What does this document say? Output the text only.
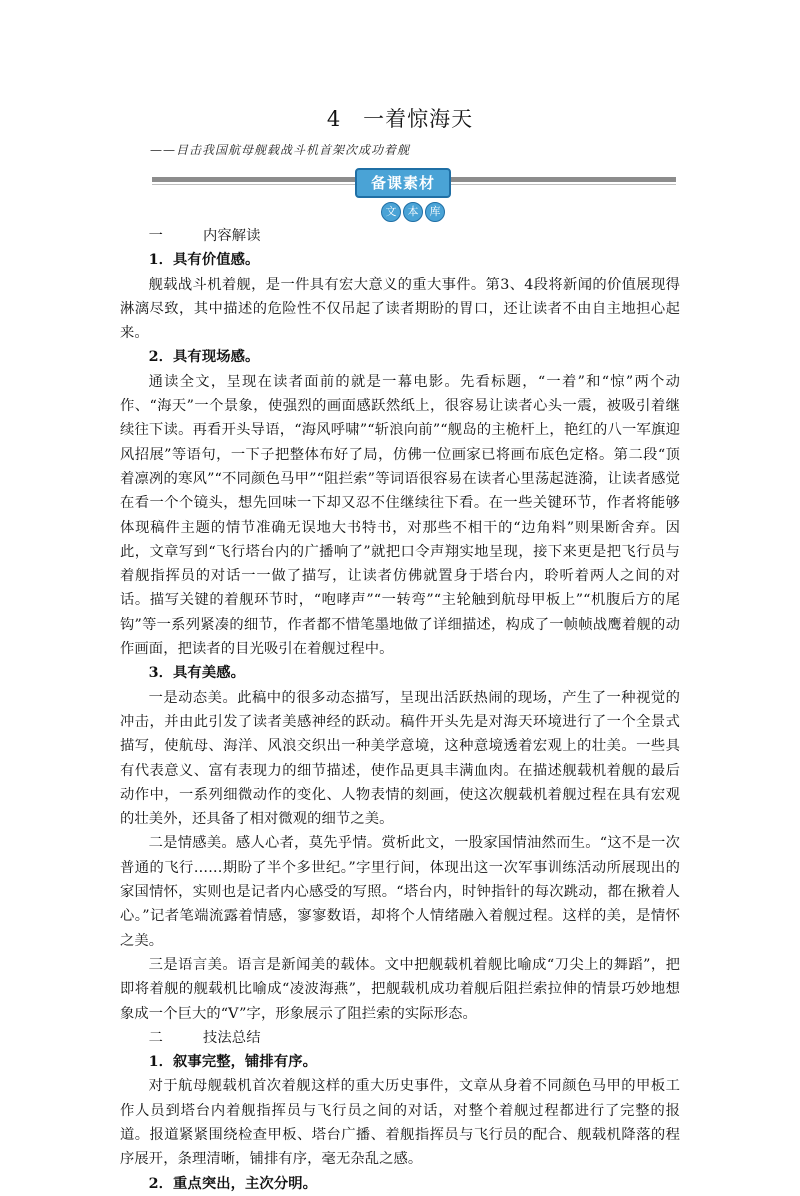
4　一着惊海天
——目击我国航母舰载战斗机首架次成功着舰
备课素材
文	本	库

一	内容解读

1．具有价值感。

舰载战斗机着舰，是一件具有宏大意义的重大事件。第3、4段将新闻的价值展现得淋漓尽致，其中描述的危险性不仅吊起了读者期盼的胃口，还让读者不由自主地担心起来。

2．具有现场感。

通读全文，呈现在读者面前的就是一幕电影。先看标题，“一着”和“惊”两个动作、“海天”一个景象，使强烈的画面感跃然纸上，很容易让读者心头一震，被吸引着继续往下读。再看开头导语，“海风呼啸”“斩浪向前”“舰岛的主桅杆上，艳红的八一军旗迎风招展”等语句，一下子把整体布好了局，仿佛一位画家已将画布底色定格。第二段“顶着凛冽的寒风”“不同颜色马甲”“阻拦索”等词语很容易在读者心里荡起涟漪，让读者感觉在看一个个镜头，想先回味一下却又忍不住继续往下看。在一些关键环节，作者将能够体现稿件主题的情节准确无误地大书特书，对那些不相干的“边角料”则果断舍弃。因此，文章写到“飞行塔台内的广播响了”就把口令声翔实地呈现，接下来更是把飞行员与着舰指挥员的对话一一做了描写，让读者仿佛就置身于塔台内，聆听着两人之间的对话。描写关键的着舰环节时，“咆哮声”“一转弯”“主轮触到航母甲板上”“机腹后方的尾钩”等一系列紧凑的细节，作者都不惜笔墨地做了详细描述，构成了一帧帧战鹰着舰的动作画面，把读者的目光吸引在着舰过程中。

3．具有美感。

一是动态美。此稿中的很多动态描写，呈现出活跃热闹的现场，产生了一种视觉的冲击，并由此引发了读者美感神经的跃动。稿件开头先是对海天环境进行了一个全景式描写，使航母、海洋、风浪交织出一种美学意境，这种意境透着宏观上的壮美。一些具有代表意义、富有表现力的细节描述，使作品更具丰满血肉。在描述舰载机着舰的最后动作中，一系列细微动作的变化、人物表情的刻画，使这次舰载机着舰过程在具有宏观的壮美外，还具备了相对微观的细节之美。

二是情感美。感人心者，莫先乎情。赏析此文，一股家国情油然而生。“这不是一次普通的飞行……期盼了半个多世纪。”字里行间，体现出这一次军事训练活动所展现出的家国情怀，实则也是记者内心感受的写照。“塔台内，时钟指针的每次跳动，都在揪着人心。”记者笔端流露着情感，寥寥数语，却将个人情绪融入着舰过程。这样的美，是情怀之美。

三是语言美。语言是新闻美的载体。文中把舰载机着舰比喻成“刀尖上的舞蹈”，把即将着舰的舰载机比喻成“凌波海燕”，把舰载机成功着舰后阻拦索拉伸的情景巧妙地想象成一个巨大的“V”字，形象展示了阻拦索的实际形态。

二	技法总结

1．叙事完整，铺排有序。

对于航母舰载机首次着舰这样的重大历史事件，文章从身着不同颜色马甲的甲板工作人员到塔台内着舰指挥员与飞行员之间的对话，对整个着舰过程都进行了完整的报道。报道紧紧围绕检查甲板、塔台广播、着舰指挥员与飞行员的配合、舰载机降落的程序展开，条理清晰，铺排有序，毫无杂乱之感。

2．重点突出，主次分明。
